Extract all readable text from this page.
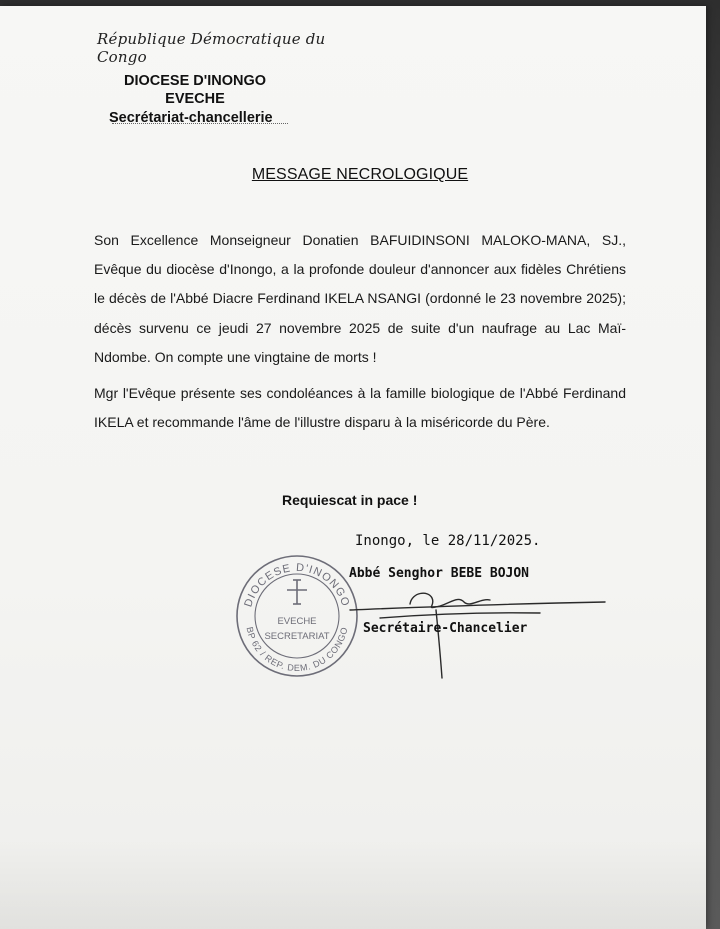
République Démocratique du Congo
DIOCESE D'INONGO
EVECHE
Secrétariat-chancellerie
MESSAGE NECROLOGIQUE

Son Excellence Monseigneur Donatien BAFUIDINSONI MALOKO-MANA, SJ., Evêque du diocèse d'Inongo, a la profonde douleur d'annoncer aux fidèles Chrétiens le décès de l'Abbé Diacre Ferdinand IKELA NSANGI (ordonné le 23 novembre 2025); décès survenu ce jeudi 27 novembre 2025 de suite d'un naufrage au Lac Maï-Ndombe. On compte une vingtaine de morts !

Mgr l'Evêque présente ses condoléances à la famille biologique de l'Abbé Ferdinand IKELA et recommande l'âme de l'illustre disparu à la miséricorde du Père.

Requiescat in pace !
Inongo, le 28/11/2025.
DIOCESE D'INONGO
BP 62 / REP. DEM. DU CONGO
EVECHE
SECRETARIAT
Abbé Senghor BEBE BOJON
Secrétaire-Chancelier
